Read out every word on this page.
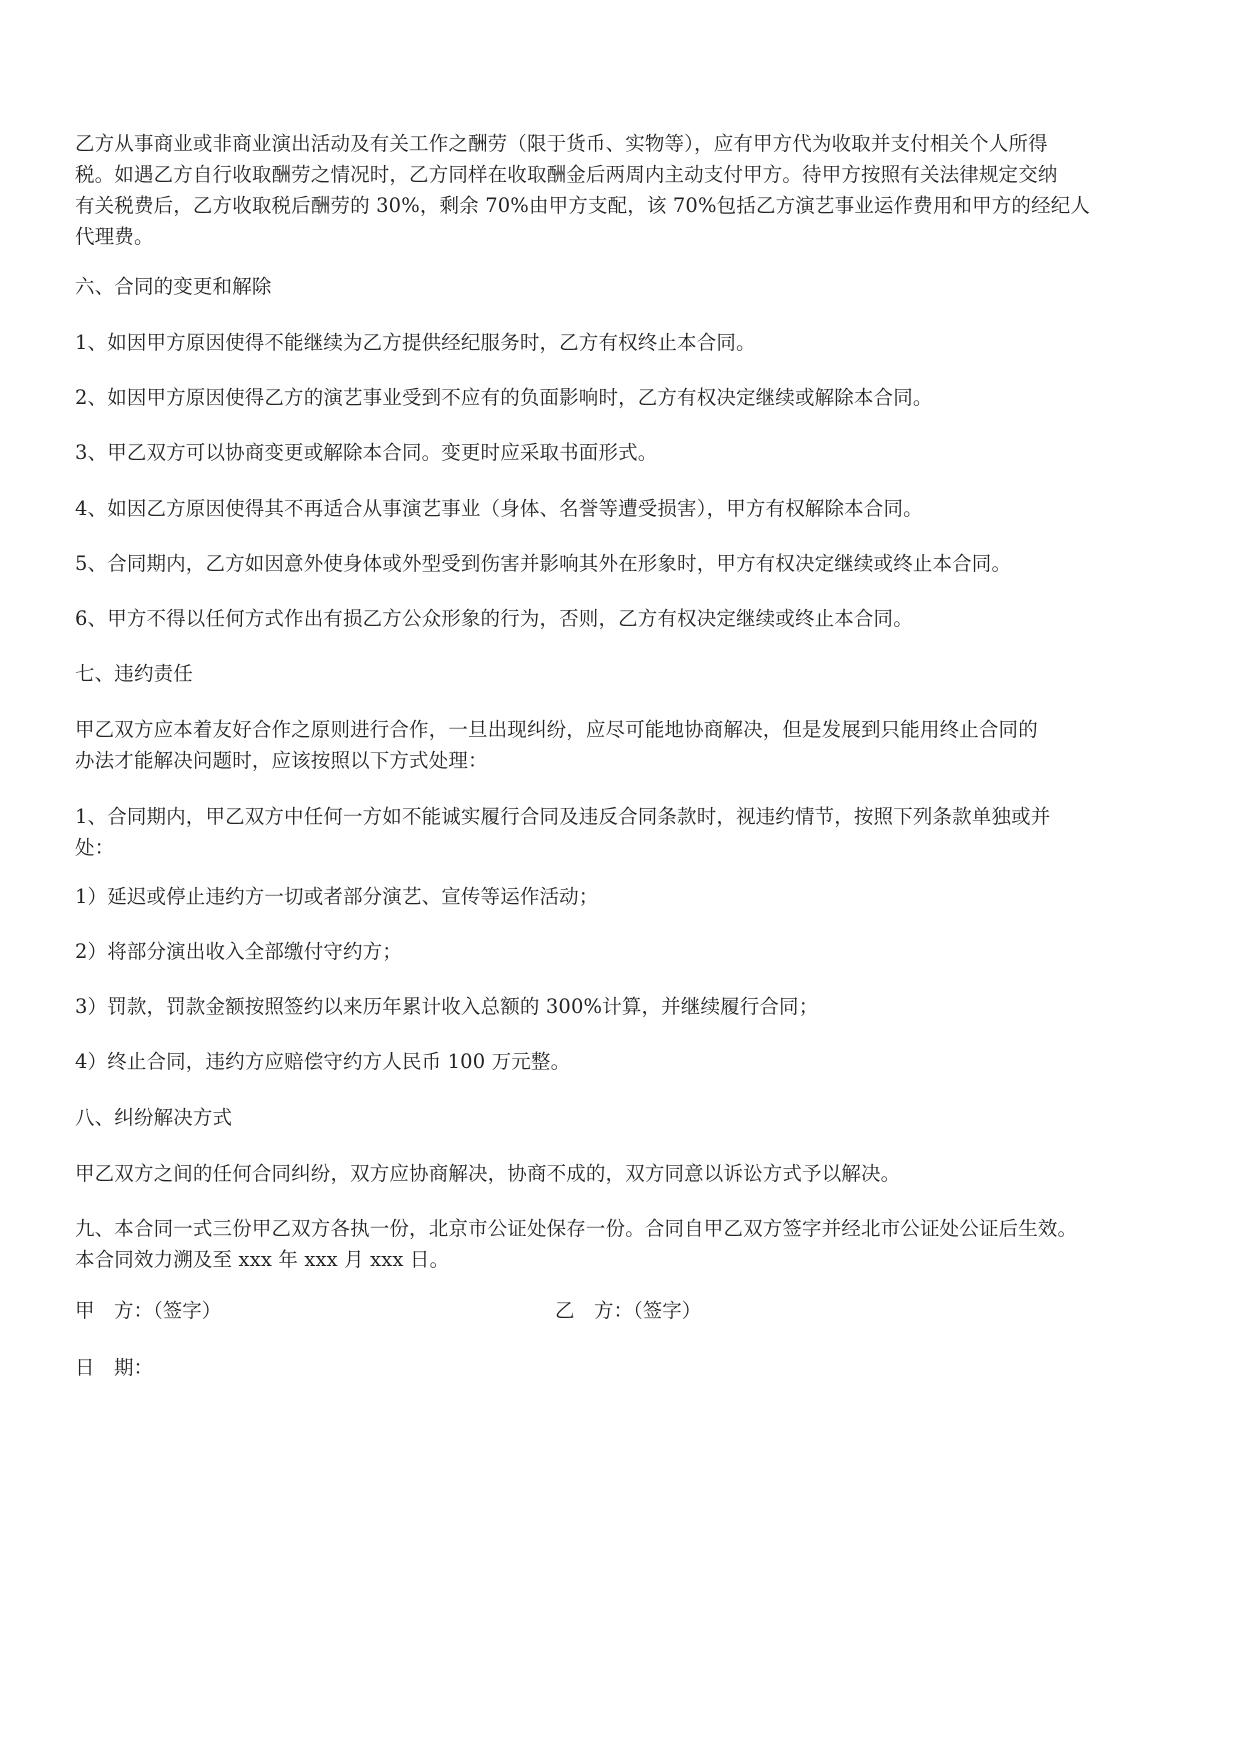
乙方从事商业或非商业演出活动及有关工作之酬劳（限于货币、实物等），应有甲方代为收取并支付相关个人所得
税。如遇乙方自行收取酬劳之情况时，乙方同样在收取酬金后两周内主动支付甲方。待甲方按照有关法律规定交纳
有关税费后，乙方收取税后酬劳的 30%，剩余 70%由甲方支配，该 70%包括乙方演艺事业运作费用和甲方的经纪人
代理费。
六、合同的变更和解除
1、如因甲方原因使得不能继续为乙方提供经纪服务时，乙方有权终止本合同。
2、如因甲方原因使得乙方的演艺事业受到不应有的负面影响时，乙方有权决定继续或解除本合同。
3、甲乙双方可以协商变更或解除本合同。变更时应采取书面形式。
4、如因乙方原因使得其不再适合从事演艺事业（身体、名誉等遭受损害），甲方有权解除本合同。
5、合同期内，乙方如因意外使身体或外型受到伤害并影响其外在形象时，甲方有权决定继续或终止本合同。
6、甲方不得以任何方式作出有损乙方公众形象的行为，否则，乙方有权决定继续或终止本合同。
七、违约责任
甲乙双方应本着友好合作之原则进行合作，一旦出现纠纷，应尽可能地协商解决，但是发展到只能用终止合同的
办法才能解决问题时，应该按照以下方式处理：
1、合同期内，甲乙双方中任何一方如不能诚实履行合同及违反合同条款时，视违约情节，按照下列条款单独或并
处：
1）延迟或停止违约方一切或者部分演艺、宣传等运作活动；
2）将部分演出收入全部缴付守约方；
3）罚款，罚款金额按照签约以来历年累计收入总额的 300%计算，并继续履行合同；
4）终止合同，违约方应赔偿守约方人民币 100 万元整。
八、纠纷解决方式
甲乙双方之间的任何合同纠纷，双方应协商解决，协商不成的，双方同意以诉讼方式予以解决。
九、本合同一式三份甲乙双方各执一份，北京市公证处保存一份。合同自甲乙双方签字并经北市公证处公证后生效。
本合同效力溯及至 xxx 年 xxx 月 xxx 日。
甲　方：（签字）	乙　方：（签字）
日　期：
